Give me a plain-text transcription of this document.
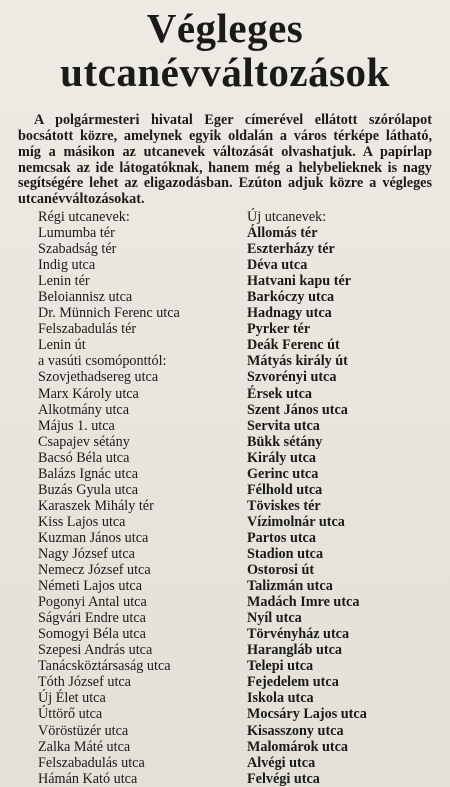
Végleges
utcanévváltozások

A polgármesteri hivatal Eger címerével ellátott szórólapot bocsátott közre, amelynek egyik oldalán a város térképe látható, míg a másikon az utcanevek változását olvashatjuk. A papírlap nemcsak az ide látogatóknak, hanem még a helybelieknek is nagy segítségére lehet az eligazodásban. Ezúton adjuk közre a végleges utcanévváltozásokat.

Régi utcanevek:
Lumumba tér
Szabadság tér
Indig utca
Lenin tér
Beloiannisz utca
Dr. Münnich Ferenc utca
Felszabadulás tér
Lenin út
a vasúti csomóponttól:
Szovjethadsereg utca
Marx Károly utca
Alkotmány utca
Május 1. utca
Csapajev sétány
Bacsó Béla utca
Balázs Ignác utca
Buzás Gyula utca
Karaszek Mihály tér
Kiss Lajos utca
Kuzman János utca
Nagy József utca
Nemecz József utca
Németi Lajos utca
Pogonyi Antal utca
Ságvári Endre utca
Somogyi Béla utca
Szepesi András utca
Tanácsköztársaság utca
Tóth József utca
Új Élet utca
Úttörő utca
Vöröstüzér utca
Zalka Máté utca
Felszabadulás utca
Hámán Kató utca
Új utcanevek:
Állomás tér
Eszterházy tér
Déva utca
Hatvani kapu tér
Barkóczy utca
Hadnagy utca
Pyrker tér
Deák Ferenc út
Mátyás király út
Szvorényi utca
Érsek utca
Szent János utca
Servita utca
Bükk sétány
Király utca
Gerinc utca
Félhold utca
Töviskes tér
Vízimolnár utca
Partos utca
Stadion utca
Ostorosi út
Talizmán utca
Madách Imre utca
Nyíl utca
Törvényház utca
Harangláb utca
Telepi utca
Fejedelem utca
Iskola utca
Mocsáry Lajos utca
Kisasszony utca
Malomárok utca
Alvégi utca
Felvégi utca
